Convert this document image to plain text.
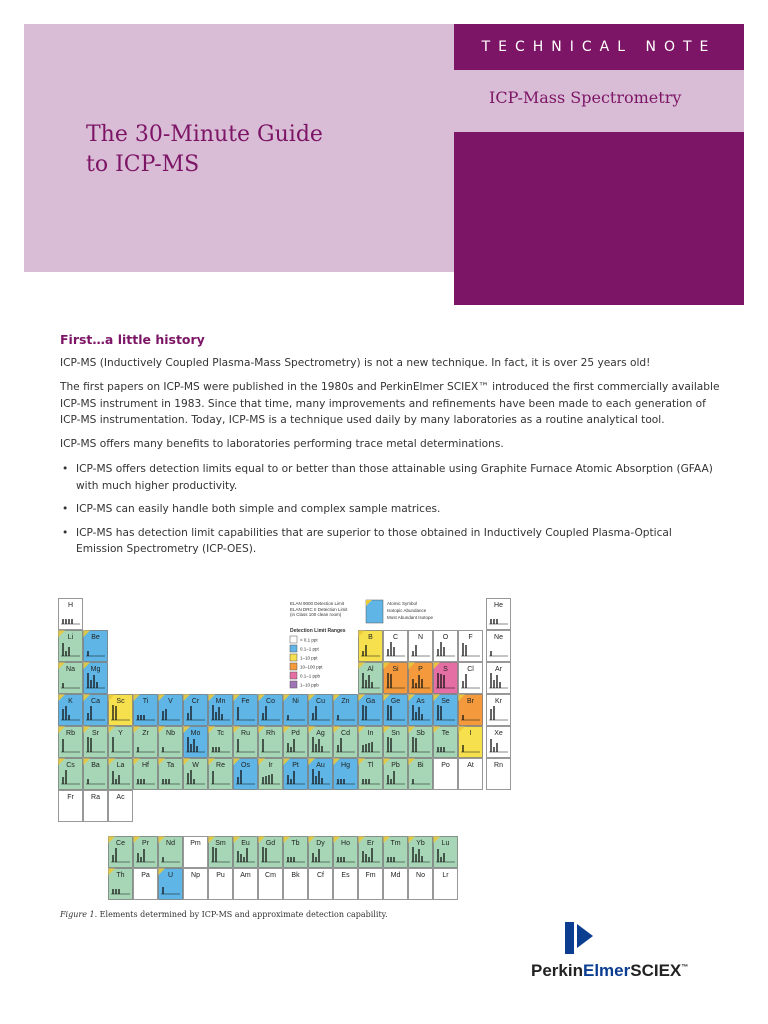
TECHNICAL NOTE
ICP-Mass Spectrometry
The 30-Minute Guide
to ICP-MS
First…a little history

ICP-MS (Inductively Coupled Plasma-Mass Spectrometry) is not a new technique. In fact, it is over 25 years old!

The first papers on ICP-MS were published in the 1980s and PerkinElmer SCIEX™ introduced the first commercially available ICP-MS instrument in 1983. Since that time, many improvements and refinements have been made to each generation of ICP-MS instrumentation. Today, ICP-MS is a technique used daily by many laboratories as a routine analytical tool.

ICP-MS offers many benefits to laboratories performing trace metal determinations.

• ICP-MS offers detection limits equal to or better than those attainable using Graphite Furnace Atomic Absorption (GFAA) with much higher productivity.
• ICP-MS can easily handle both simple and complex sample matrices.
• ICP-MS has detection limit capabilities that are superior to those obtained in Inductively Coupled Plasma-Optical Emission Spectrometry (ICP-OES).
H	He
Li	Be	B	C	N	O	F	Ne
Na Mg	Al	Si	P	S	Cl	Ar
K	Ca Sc	Ti	V	Cr Mn Fe Co Ni Cu Zn Ga Ge As Se Br	Kr
Rb Sr	Y	Zr Nb Mo Tc Ru Rh Pd Ag Cd	In	Sn Sb Te	I	Xe
Cs Ba La	Hf	Ta	W Re Os	Ir	Pt Au Hg	Tl	Pb	Bi	Po At	Rn
Fr Ra Ac
Ce Pr Nd Pm Sm Eu Gd Tb Dy Ho Er Tm Yb Lu
Th Pa	U	Np Pu Am Cm Bk Cf Es Fm Md No Lr
ELAN 9000 Detection Limit
ELAN DRC II Detection Limit
(in Class 100 clean room)
Atomic Symbol
Isotopic Abundance
Most Abundant Isotope
Detection Limit Ranges
< 0.1 ppt
0.1–1 ppt
1–10 ppt
10–100 ppt
0.1–1 ppb
1–10 ppb
Figure 1. Elements determined by ICP-MS and approximate detection capability.
PerkinElmerSCIEX™
